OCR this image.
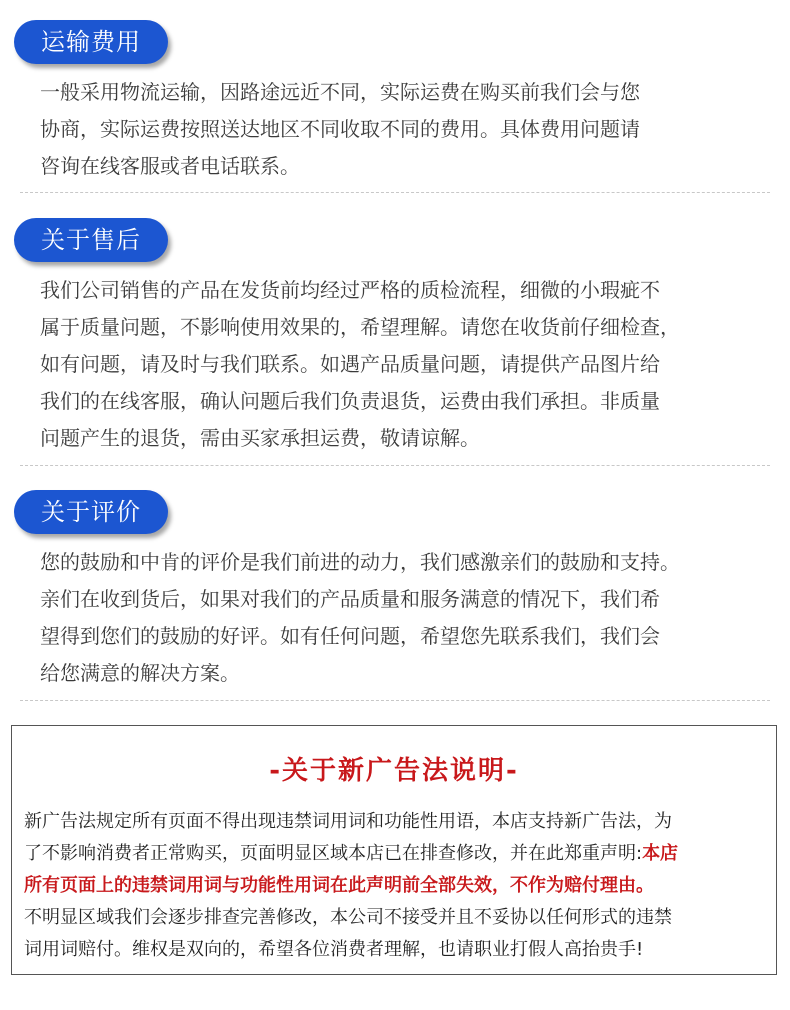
运输费用

一般采用物流运输，因路途远近不同，实际运费在购买前我们会与您
协商，实际运费按照送达地区不同收取不同的费用。具体费用问题请
咨询在线客服或者电话联系。

关于售后

我们公司销售的产品在发货前均经过严格的质检流程，细微的小瑕疵不
属于质量问题，不影响使用效果的，希望理解。请您在收货前仔细检查，
如有问题，请及时与我们联系。如遇产品质量问题，请提供产品图片给
我们的在线客服，确认问题后我们负责退货，运费由我们承担。非质量
问题产生的退货，需由买家承担运费，敬请谅解。

关于评价

您的鼓励和中肯的评价是我们前进的动力，我们感激亲们的鼓励和支持。
亲们在收到货后，如果对我们的产品质量和服务满意的情况下，我们希
望得到您们的鼓励的好评。如有任何问题，希望您先联系我们，我们会
给您满意的解决方案。

-关于新广告法说明-
新广告法规定所有页面不得出现违禁词用词和功能性用语，本店支持新广告法，为
了不影响消费者正常购买，页面明显区域本店已在排查修改，并在此郑重声明:本店
所有页面上的违禁词用词与功能性用词在此声明前全部失效，不作为赔付理由。
不明显区域我们会逐步排查完善修改，本公司不接受并且不妥协以任何形式的违禁
词用词赔付。维权是双向的，希望各位消费者理解，也请职业打假人高抬贵手!
